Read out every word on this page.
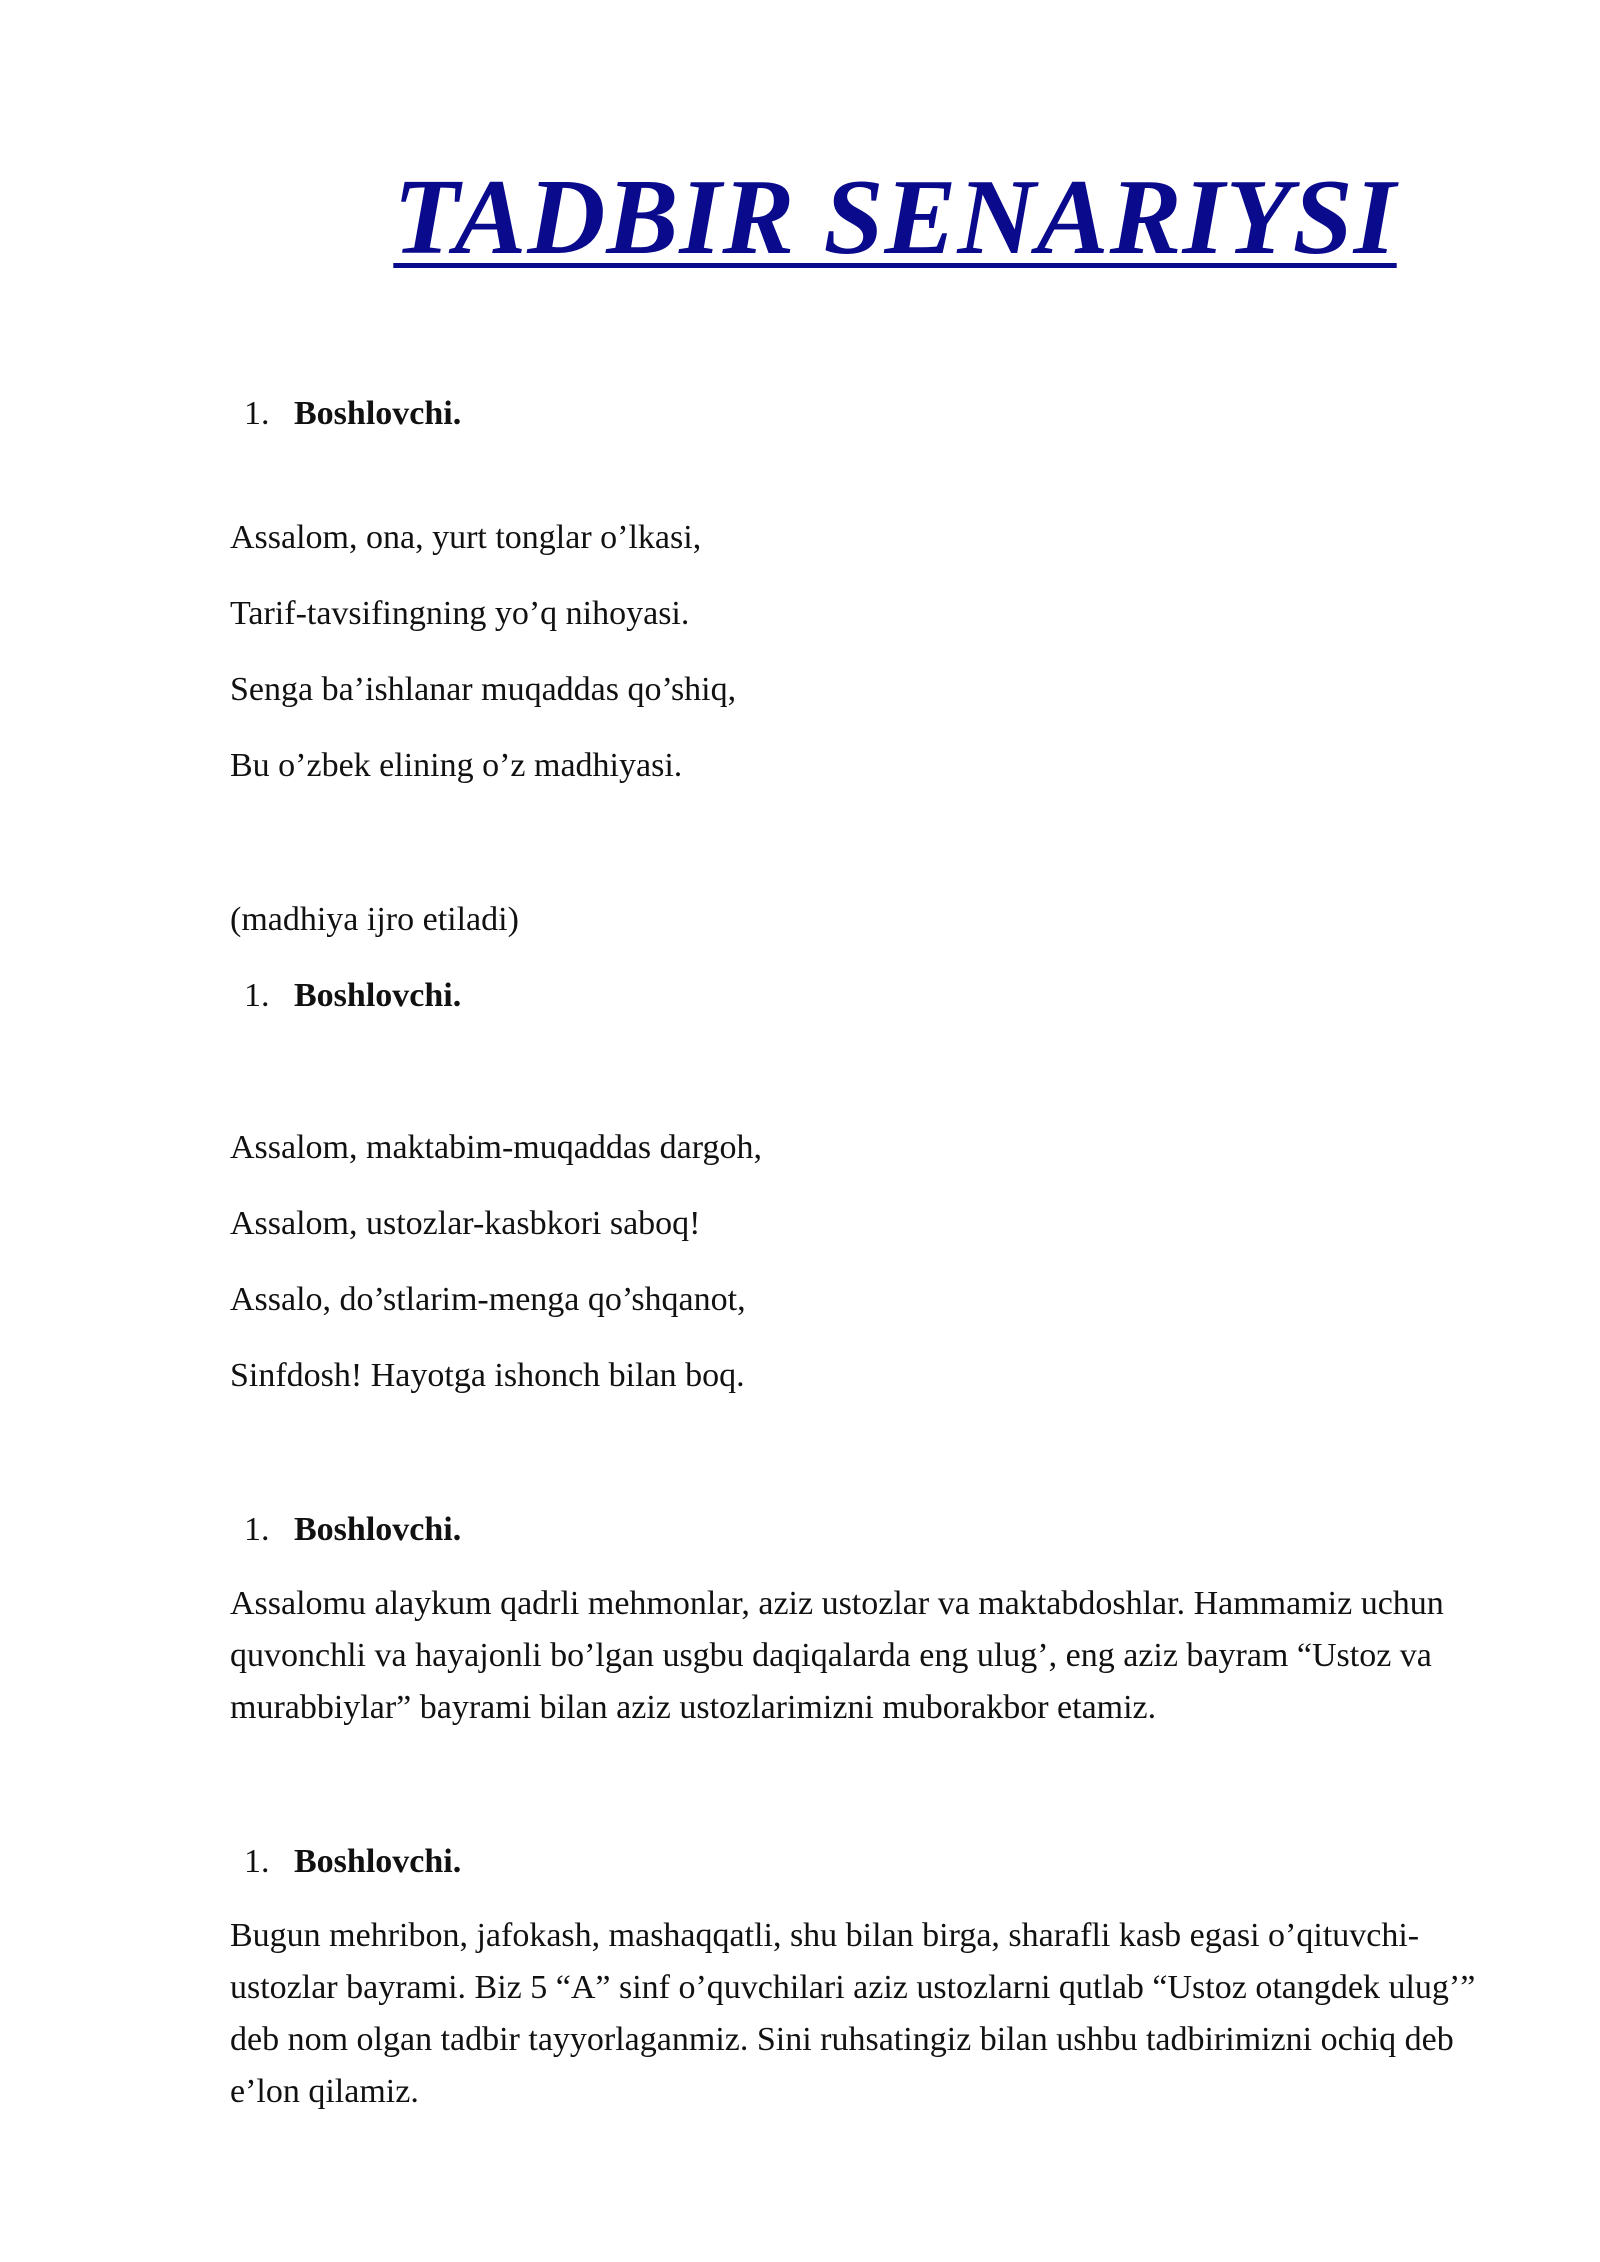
TADBIR SENARIYSI
1. Boshlovchi.
Assalom, ona, yurt tonglar o’lkasi,
Tarif-tavsifingning yo’q nihoyasi.
Senga ba’ishlanar muqaddas qo’shiq,
Bu o’zbek elining o’z madhiyasi.
(madhiya ijro etiladi)
1. Boshlovchi.
Assalom, maktabim-muqaddas dargoh,
Assalom, ustozlar-kasbkori saboq!
Assalo, do’stlarim-menga qo’shqanot,
Sinfdosh! Hayotga ishonch bilan boq.
1. Boshlovchi.

Assalomu alaykum qadrli mehmonlar, aziz ustozlar va maktabdoshlar. Hammamiz uchun quvonchli va hayajonli bo’lgan usgbu daqiqalarda eng ulug’, eng aziz bayram “Ustoz va murabbiylar” bayrami bilan aziz ustozlarimizni muborakbor etamiz.

1. Boshlovchi.

Bugun mehribon, jafokash, mashaqqatli, shu bilan birga, sharafli kasb egasi o’qituvchi-ustozlar bayrami. Biz 5 “A” sinf o’quvchilari aziz ustozlarni qutlab “Ustoz otangdek ulug’” deb nom olgan tadbir tayyorlaganmiz. Sini ruhsatingiz bilan ushbu tadbirimizni ochiq deb e’lon qilamiz.
